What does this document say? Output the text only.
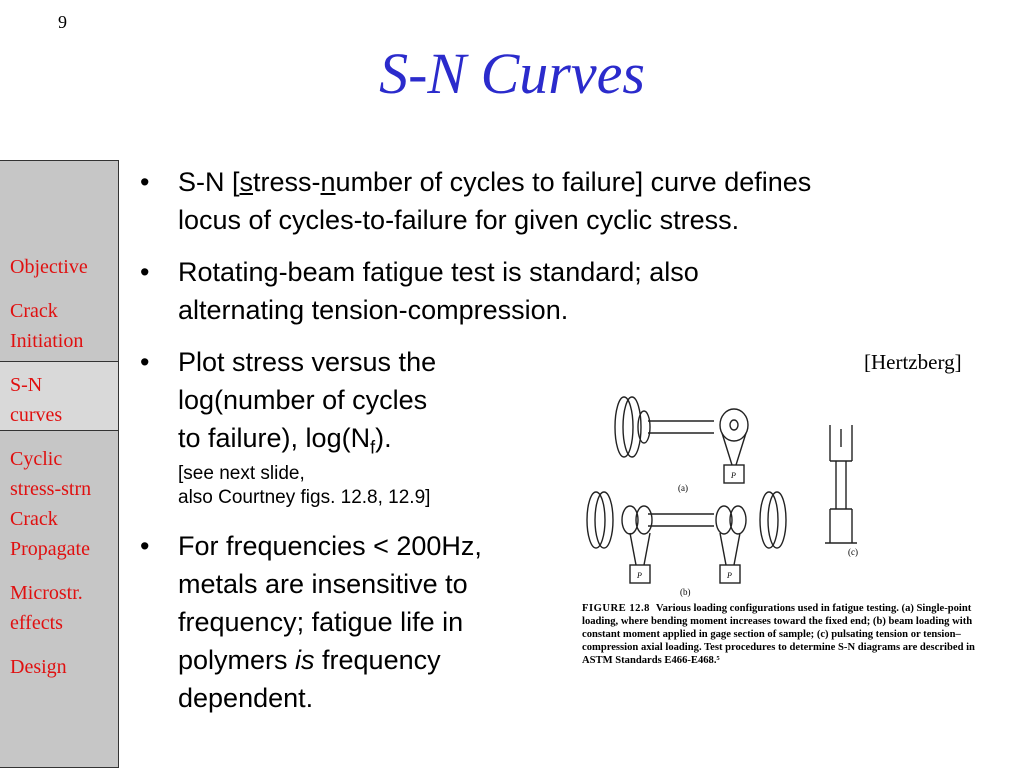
9
S-N Curves
Objective
Crack
Initiation
S-N
curves
Cyclic
stress-strn
Crack
Propagate
Microstr.
effects
Design
• S-N [stress-number of cycles to failure] curve defines
locus of cycles-to-failure for given cyclic stress.
• Rotating-beam fatigue test is standard; also
alternating tension-compression.
• Plot stress versus the
log(number of cycles
to failure), $\log(N_f)$.
[see next slide,
also Courtney figs. 12.8, 12.9]
• For frequencies < 200Hz,
metals are insensitive to
frequency; fatigue life in
polymers is frequency
dependent.
[Hertzberg]
(a)
(b)
(c)
P
P	P
FIGURE 12.8 Various loading configurations used in fatigue testing. (a) Single-point loading, where bending moment increases toward the fixed end; (b) beam loading with constant moment applied in gage section of sample; (c) pulsating tension or tension–compression axial loading. Test procedures to determine S-N diagrams are described in ASTM Standards E466-E468.⁵
